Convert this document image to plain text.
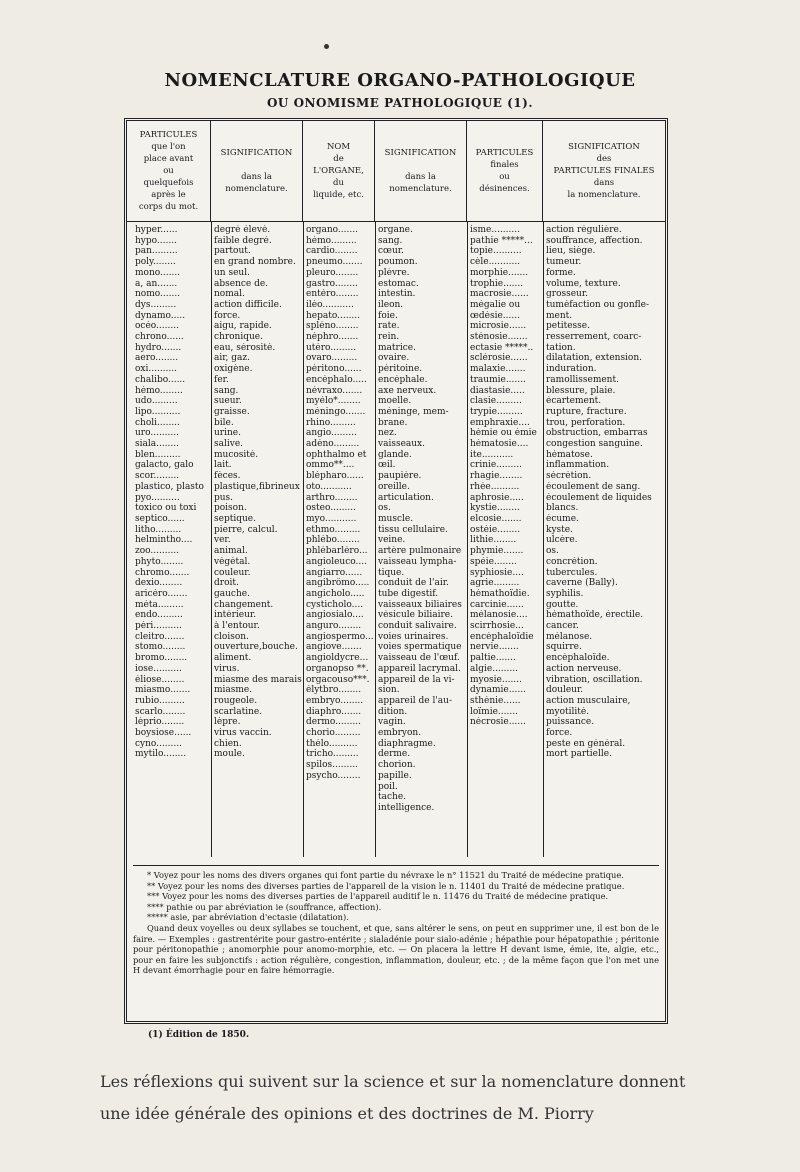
NOMENCLATURE ORGANO-PATHOLOGIQUE
OU ONOMISME PATHOLOGIQUE (1).
PARTICULES
que l'on
place avant
ou
quelquefois
après le
corps du mot.
SIGNIFICATION

dans la
nomenclature.
NOM
de
L'ORGANE,
du
liquide, etc.
SIGNIFICATION

dans la
nomenclature.
PARTICULES
finales
ou
désinences.
SIGNIFICATION
des
PARTICULES FINALES
dans
la nomenclature.
hyper......
hypo.......
pan.........
poly........
mono.......
a, an.......
nomo.......
dys.........
dynamo.....
océo........
chrono......
hydro.......
aero........
oxi..........
chalibo......
hémo........
udo.........
lipo..........
choli........
uro..........
siala........
blen.........
galacto, galo
scor.........
plastico, plasto
pyo..........
toxico ou toxi
septico......
litho.........
helmintho....
zoo..........
phyto........
chromo.......
dexio........
aricéro.......
méta.........
endo.........
péri..........
cleitro.......
stomo........
bromo........
iose..........
éliose........
miasmo.......
rubio.........
scarlo........
lèprio........
boysiose......
cyno.........
mytilo........
degré élevé.
faible degré.
partout.
en grand nombre.
un seul.
absence de.
nomal.
action difficile.
force.
aigu, rapide.
chronique.
eau, sérosité.
air, gaz.
oxigène.
fer.
sang.
sueur.
graisse.
bile.
urine.
salive.
mucosité.
lait.
fèces.
plastique,fibrineux
pus.
poison.
septique.
pierre, calcul.
ver.
animal.
végétal.
couleur.
droit.
gauche.
changement.
intérieur.
à l'entour.
cloison.
ouverture,bouche.
aliment.
virus.
miasme des marais
miasme.
rougeole.
scarlatine.
lèpre.
virus vaccin.
chien.
moule.
organo.......
hémo.........
cardio........
pneumo.......
pleuro........
gastro........
entéro........
iléo...........
hepato........
spléno........
néphro.......
utéro.........
ovaro.........
péritono......
encéphalo.....
névraxo.......
myélo*........
méningo.......
rhino.........
angio.........
adéno.........
ophthalmo et
ommo**....
blépharo......
oto...........
arthro........
osteo.........
myo...........
ethmo.........
phlébo........
phlébarléro...
angioleuco....
angiarro......
angibrômo.....
angicholo.....
cysticholo....
angiosialo....
anguro........
angiospermo...
angiove.......
angioldycre...
organopso **.
orgacouso***.
élytbro........
embryo........
diaphro.......
dermo.........
chorio.........
thélo..........
tricho.........
spilos.........
psycho........
organe.
sang.
cœur.
poumon.
plèvre.
estomac.
intestin.
ileon.
foie.
rate.
rein.
matrice.
ovaire.
péritoine.
encéphale.
axe nerveux.
moelle.
méninge, mem-
brane.
nez.
vaisseaux.
glande.
œil.
paupière.
oreille.
articulation.
os.
muscle.
tissu cellulaire.
veine.
artère pulmonaire
vaisseau lympha-
tique.
conduit de l'air.
tube digestif.
vaisseaux biliaires
vésicule biliaire.
conduit salivaire.
voies urinaires.
voies spermatique
vaisseau de l'œuf.
appareil lacrymal.
appareil de la vi-
sion.
appareil de l'au-
dition.
vagin.
embryon.
diaphragme.
derme.
chorion.
papille.
poil.
tache.
intelligence.
isme..........
pathie *****...
topie..........
cèle...........
morphie.......
trophie.......
macrosie......
mégalie ou
œdésie......
microsie......
sténosie.......
ectasie *****..
sclérosie......
malaxie.......
traumie.......
diastasie.....
clasie.........
trypie.........
emphraxie....
hémie ou émie
hématosie....
ite...........
crinie.........
rhagie........
rhée..........
aphrosie.....
kystie........
elcosie.......
ostéie........
lithie........
phymie.......
spéie........
syphiosie....
agrie.........
hémathoïdie.
carcinie......
mélanosie....
scirrhosie...
encéphaloïdie
nervie.......
paltie.......
algie.........
myosie.......
dynamie......
sthénie......
loïmie.......
nécrosie......
action régulière.
souffrance, affection.
lieu, siège.
tumeur.
forme.
volume, texture.
grosseur.
tuméfaction ou gonfle-
ment.
petitesse.
resserrement, coarc-
tation.
dilatation, extension.
induration.
ramollissement.
blessure, plaie.
écartement.
rupture, fracture.
trou, perforation.
obstruction, embarras
congestion sanguine.
hématose.
inflammation.
sécrétion.
écoulement de sang.
écoulement de liquides
blancs.
écume.
kyste.
ulcère.
os.
concrétion.
tubercules.
caverne (Bally).
syphilis.
goutte.
hémathoïde, érectile.
cancer.
mélanose.
squirre.
encéphaloïde.
action nerveuse.
vibration, oscillation.
douleur.
action musculaire,
myotilité.
puissance.
force.
peste en général.
mort partielle.

* Voyez pour les noms des divers organes qui font partie du névraxe le n° 11521 du Traité de médecine pratique.

** Voyez pour les noms des diverses parties de l'appareil de la vision le n. 11401 du Traité de médecine pratique.

*** Voyez pour les noms des diverses parties de l'appareil auditif le n. 11476 du Traité de médecine pratique.

**** pathie ou par abréviation ie (souffrance, affection).

***** asie, par abréviation d'ectasie (dilatation).

Quand deux voyelles ou deux syllabes se touchent, et que, sans altérer le sens, on peut en supprimer une, il est bon de le faire. — Exemples : gastrentérite pour gastro-entérite ; sialadénie pour sialo-adénie ; hépathie pour hépatopathie ; péritonie pour péritonopathie ; anomorphie pour anomo-morphie, etc. — On placera la lettre H devant isme, émie, ite, algie, etc., pour en faire les subjonctifs : action régulière, congestion, inflammation, douleur, etc. ; de la même façon que l'on met une H devant émorrhagie pour en faire hémorragie.

(1) Édition de 1850.
Les réflexions qui suivent sur la science et sur la nomenclature donnent une idée générale des opinions et des doctrines de M. Piorry
